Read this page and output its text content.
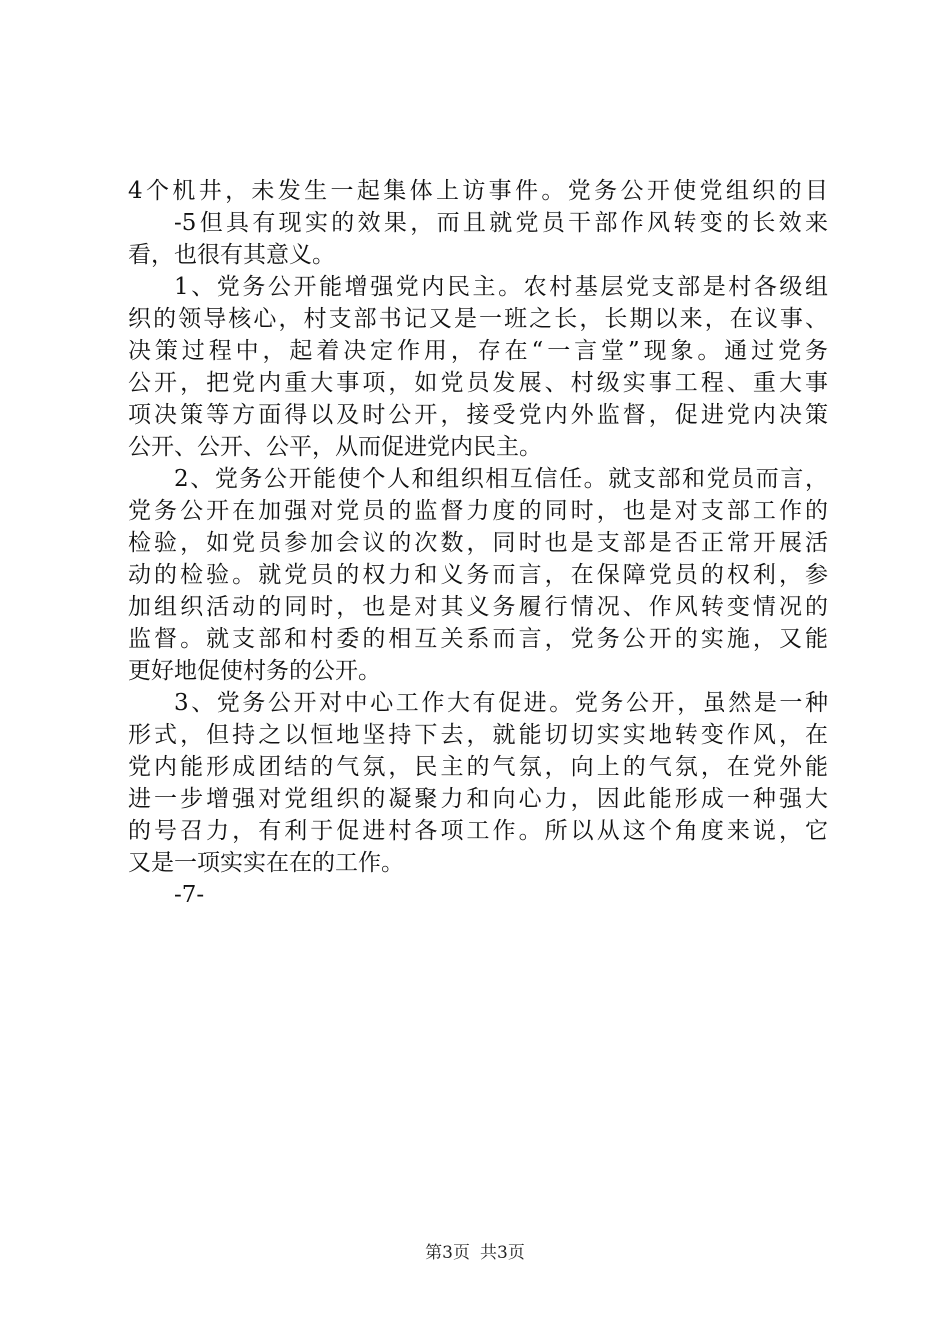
4个机井，未发生一起集体上访事件。党务公开使党组织的目
-5但具有现实的效果，而且就党员干部作风转变的长效来
看，也很有其意义。
1、党务公开能增强党内民主。农村基层党支部是村各级组
织的领导核心，村支部书记又是一班之长，长期以来，在议事、
决策过程中，起着决定作用，存在“一言堂”现象。通过党务
公开，把党内重大事项，如党员发展、村级实事工程、重大事
项决策等方面得以及时公开，接受党内外监督，促进党内决策
公开、公开、公平，从而促进党内民主。
2、党务公开能使个人和组织相互信任。就支部和党员而言，
党务公开在加强对党员的监督力度的同时，也是对支部工作的
检验，如党员参加会议的次数，同时也是支部是否正常开展活
动的检验。就党员的权力和义务而言，在保障党员的权利，参
加组织活动的同时，也是对其义务履行情况、作风转变情况的
监督。就支部和村委的相互关系而言，党务公开的实施，又能
更好地促使村务的公开。
3、党务公开对中心工作大有促进。党务公开，虽然是一种
形式，但持之以恒地坚持下去，就能切切实实地转变作风，在
党内能形成团结的气氛，民主的气氛，向上的气氛，在党外能
进一步增强对党组织的凝聚力和向心力，因此能形成一种强大
的号召力，有利于促进村各项工作。所以从这个角度来说，它
又是一项实实在在的工作。
-7-
第3页 共3页
